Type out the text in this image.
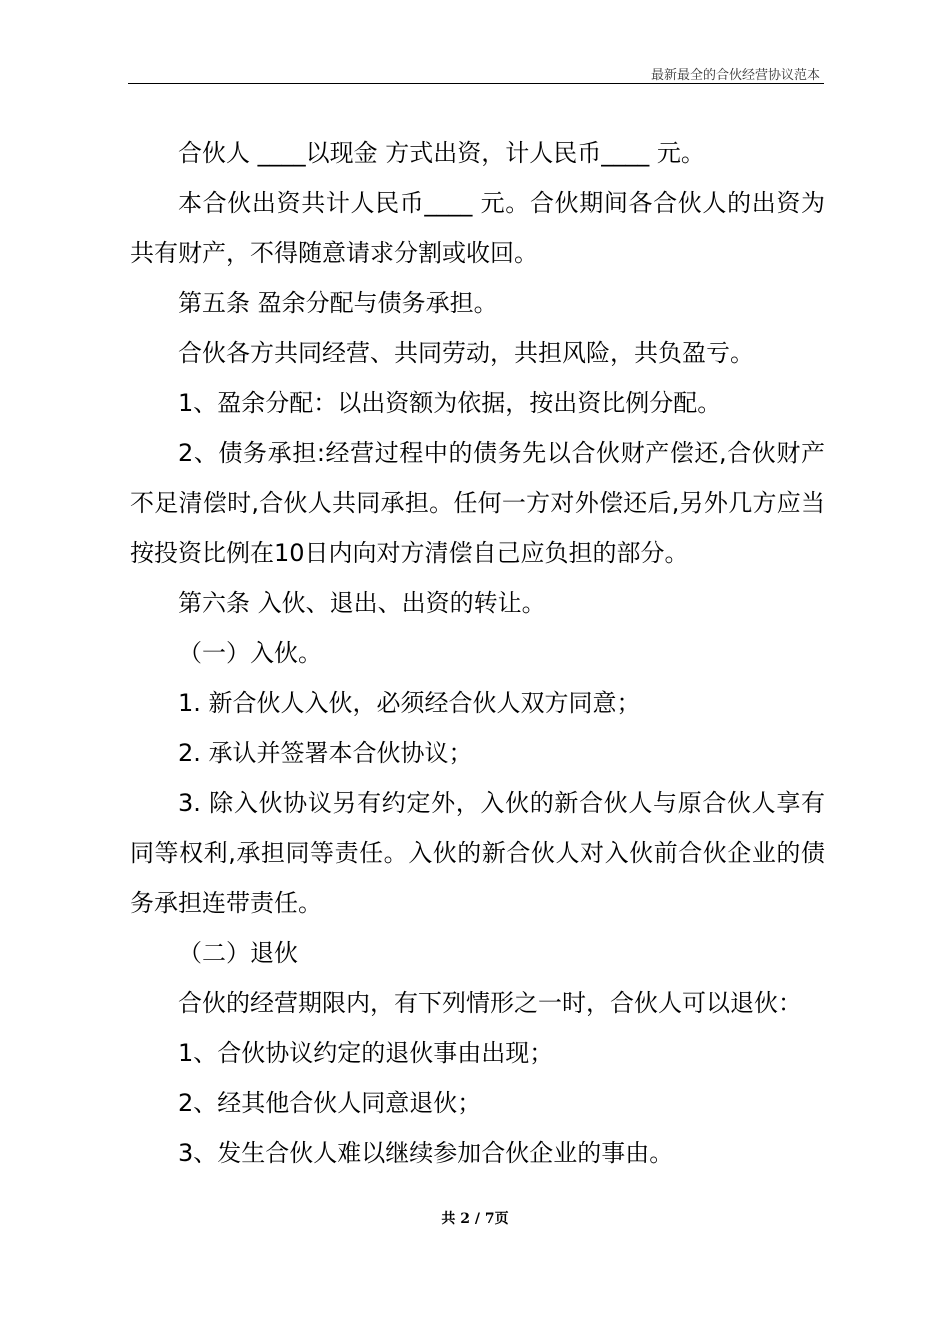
最新最全的合伙经营协议范本

合伙人 ____以现金 方式出资，计人民币____ 元。

本合伙出资共计人民币____ 元。合伙期间各合伙人的出资为共有财产，不得随意请求分割或收回。

第五条 盈余分配与债务承担。

合伙各方共同经营、共同劳动，共担风险，共负盈亏。

1、盈余分配：以出资额为依据，按出资比例分配。

2、债务承担:经营过程中的债务先以合伙财产偿还,合伙财产不足清偿时,合伙人共同承担。任何一方对外偿还后,另外几方应当按投资比例在10日内向对方清偿自己应负担的部分。

第六条 入伙、退出、出资的转让。

（一）入伙。

1. 新合伙人入伙，必须经合伙人双方同意；

2. 承认并签署本合伙协议；

3. 除入伙协议另有约定外，入伙的新合伙人与原合伙人享有同等权利,承担同等责任。入伙的新合伙人对入伙前合伙企业的债务承担连带责任。

（二）退伙

合伙的经营期限内，有下列情形之一时，合伙人可以退伙：

1、合伙协议约定的退伙事由出现；

2、经其他合伙人同意退伙；

3、发生合伙人难以继续参加合伙企业的事由。

共 2 / 7页
